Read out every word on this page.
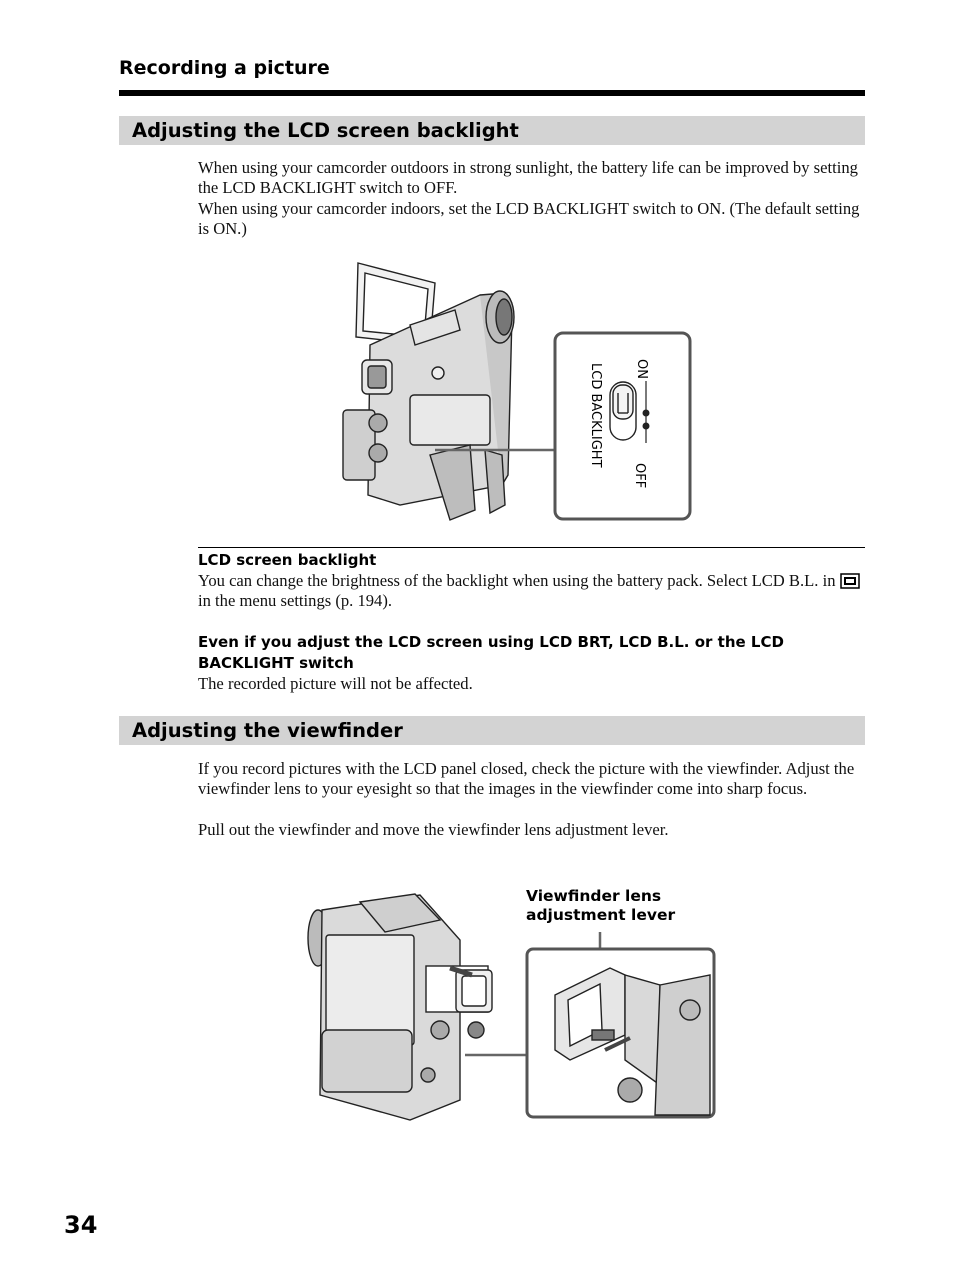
Recording a picture
Adjusting the LCD screen backlight

When using your camcorder outdoors in strong sunlight, the battery life can be improved by setting the LCD BACKLIGHT switch to OFF.

When using your camcorder indoors, set the LCD BACKLIGHT switch to ON. (The default setting is ON.)

ON
OFF
LCD BACKLIGHT
LCD screen backlight

You can change the brightness of the backlight when using the battery pack. Select LCD B.L. in  in the menu settings (p. 194).

Even if you adjust the LCD screen using LCD BRT, LCD B.L. or the LCD BACKLIGHT switch

The recorded picture will not be affected.

Adjusting the viewfinder

If you record pictures with the LCD panel closed, check the picture with the viewfinder. Adjust the viewfinder lens to your eyesight so that the images in the viewfinder come into sharp focus.

Pull out the viewfinder and move the viewfinder lens adjustment lever.

Viewfinder lens
adjustment lever
34
